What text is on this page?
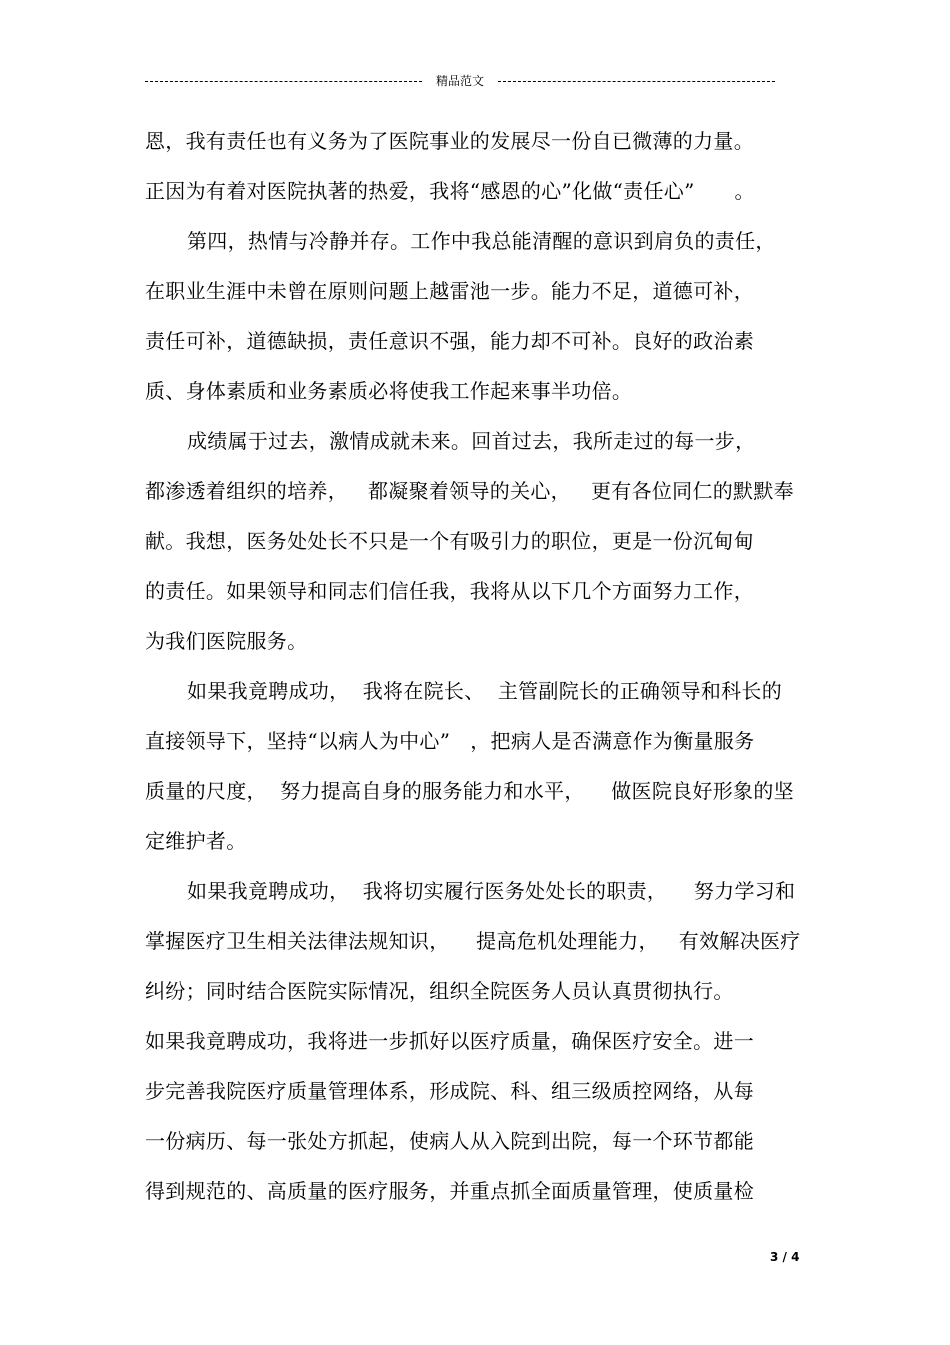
精品范文
恩，我有责任也有义务为了医院事业的发展尽一份自已微薄的力量。
正因为有着对医院执著的热爱，我将“感恩的心”化做“责任心”      。
第四，热情与冷静并存。工作中我总能清醒的意识到肩负的责任，
在职业生涯中未曾在原则问题上越雷池一步。能力不足，道德可补，
责任可补，道德缺损，责任意识不强，能力却不可补。良好的政治素
质、身体素质和业务素质必将使我工作起来事半功倍。
成绩属于过去，激情成就未来。回首过去，我所走过的每一步，
都渗透着组织的培养，   都凝聚着领导的关心，   更有各位同仁的默默奉
献。我想，医务处处长不只是一个有吸引力的职位，更是一份沉甸甸
的责任。如果领导和同志们信任我，我将从以下几个方面努力工作，
为我们医院服务。
如果我竟聘成功，  我将在院长、  主管副院长的正确领导和科长的
直接领导下，坚持“以病人为中心”   ，把病人是否满意作为衡量服务
质量的尺度，  努力提高自身的服务能力和水平，    做医院良好形象的坚
定维护者。
如果我竟聘成功，  我将切实履行医务处处长的职责，    努力学习和
掌握医疗卫生相关法律法规知识，    提高危机处理能力，   有效解决医疗
纠纷；同时结合医院实际情况，组织全院医务人员认真贯彻执行。
如果我竟聘成功，我将进一步抓好以医疗质量，确保医疗安全。进一
步完善我院医疗质量管理体系，形成院、科、组三级质控网络，从每
一份病历、每一张处方抓起，使病人从入院到出院，每一个环节都能
得到规范的、高质量的医疗服务，并重点抓全面质量管理，使质量检
3 / 4
